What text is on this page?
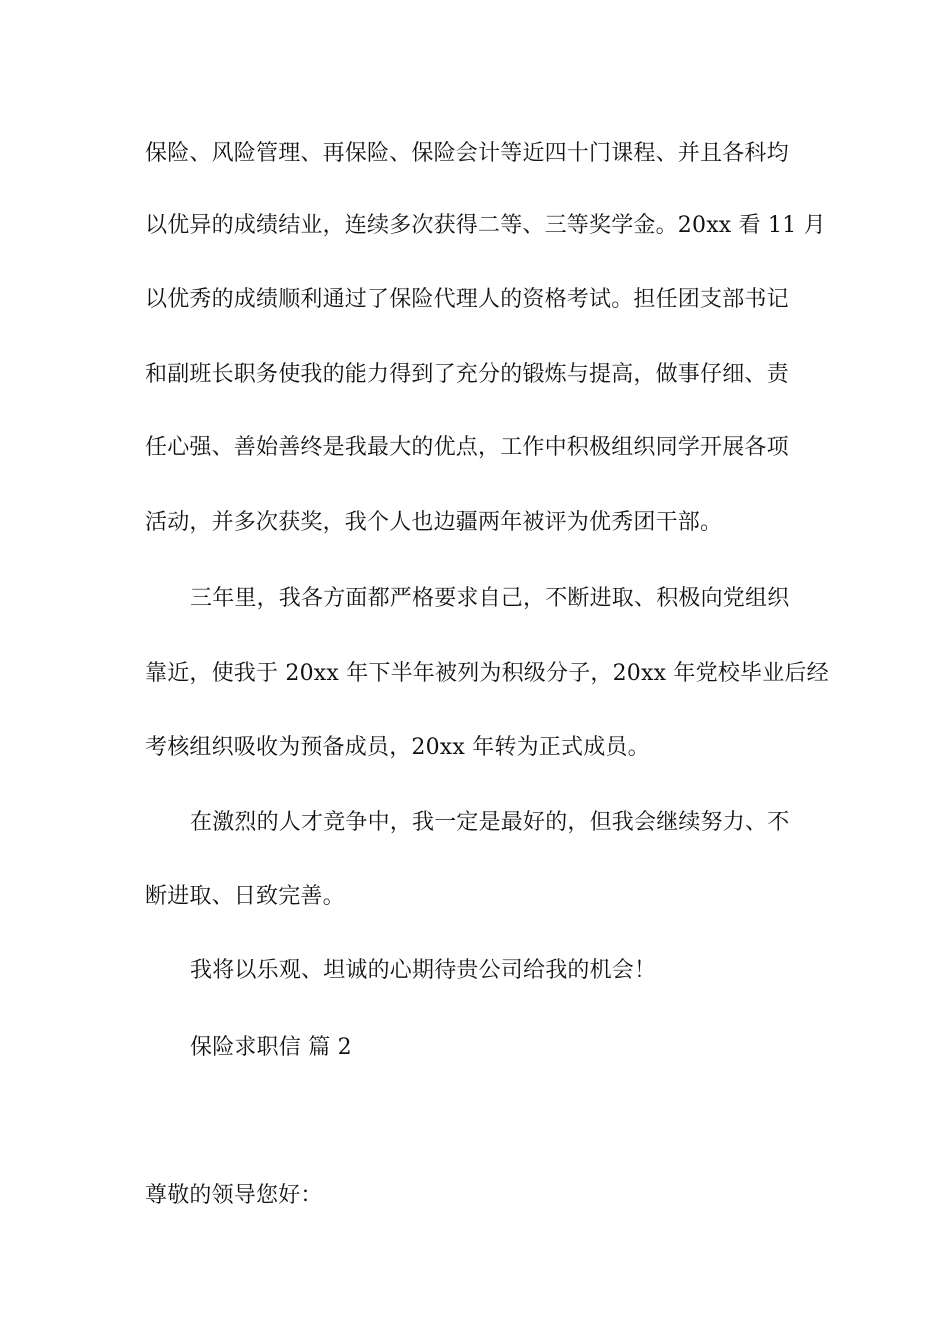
保险、风险管理、再保险、保险会计等近四十门课程、并且各科均
以优异的成绩结业，连续多次获得二等、三等奖学金。20xx 看 11 月
以优秀的成绩顺利通过了保险代理人的资格考试。担任团支部书记
和副班长职务使我的能力得到了充分的锻炼与提高，做事仔细、责
任心强、善始善终是我最大的优点，工作中积极组织同学开展各项
活动，并多次获奖，我个人也边疆两年被评为优秀团干部。
三年里，我各方面都严格要求自己，不断进取、积极向党组织
靠近，使我于 20xx 年下半年被列为积级分子，20xx 年党校毕业后经
考核组织吸收为预备成员，20xx 年转为正式成员。
在激烈的人才竞争中，我一定是最好的，但我会继续努力、不
断进取、日致完善。
我将以乐观、坦诚的心期待贵公司给我的机会！
保险求职信 篇 2
尊敬的领导您好：
